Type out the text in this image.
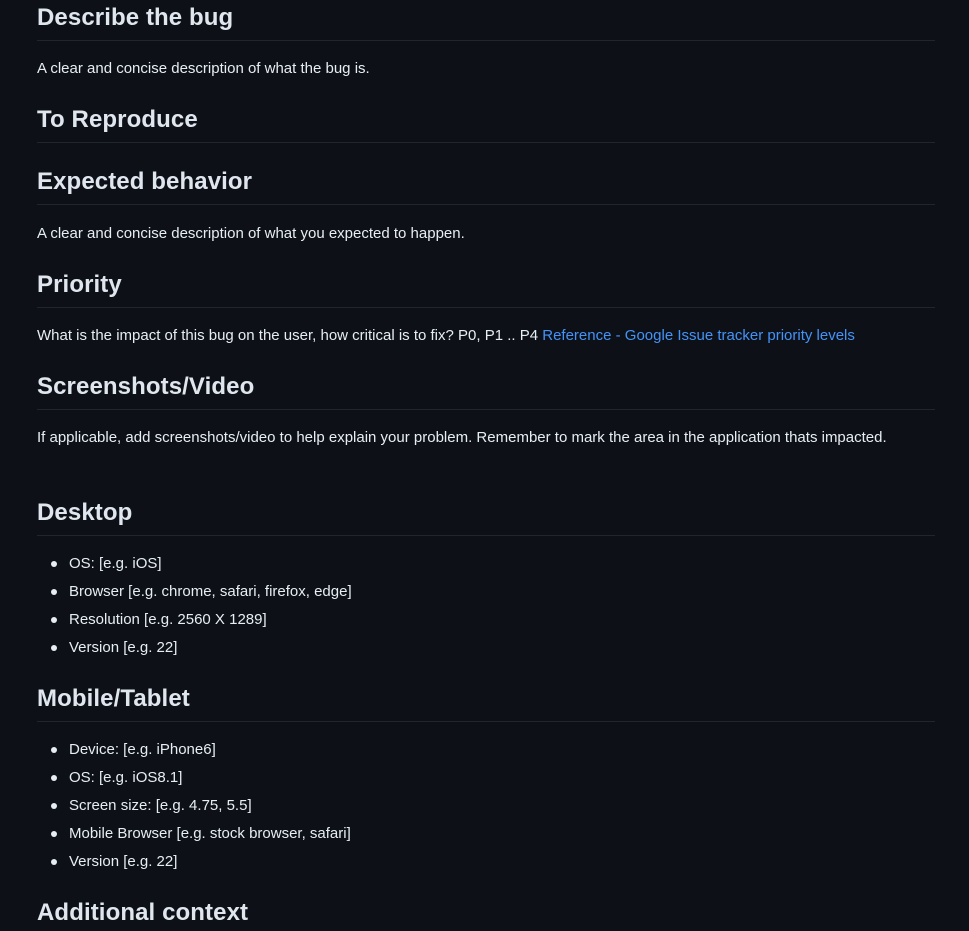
Describe the bug

A clear and concise description of what the bug is.

To Reproduce
Expected behavior

A clear and concise description of what you expected to happen.

Priority

What is the impact of this bug on the user, how critical is to fix? P0, P1 .. P4 Reference - Google Issue tracker priority levels

Screenshots/Video

If applicable, add screenshots/video to help explain your problem. Remember to mark the area in the application thats impacted.

Desktop
OS: [e.g. iOS]
Browser [e.g. chrome, safari, firefox, edge]
Resolution [e.g. 2560 X 1289]
Version [e.g. 22]
Mobile/Tablet
Device: [e.g. iPhone6]
OS: [e.g. iOS8.1]
Screen size: [e.g. 4.75, 5.5]
Mobile Browser [e.g. stock browser, safari]
Version [e.g. 22]
Additional context
